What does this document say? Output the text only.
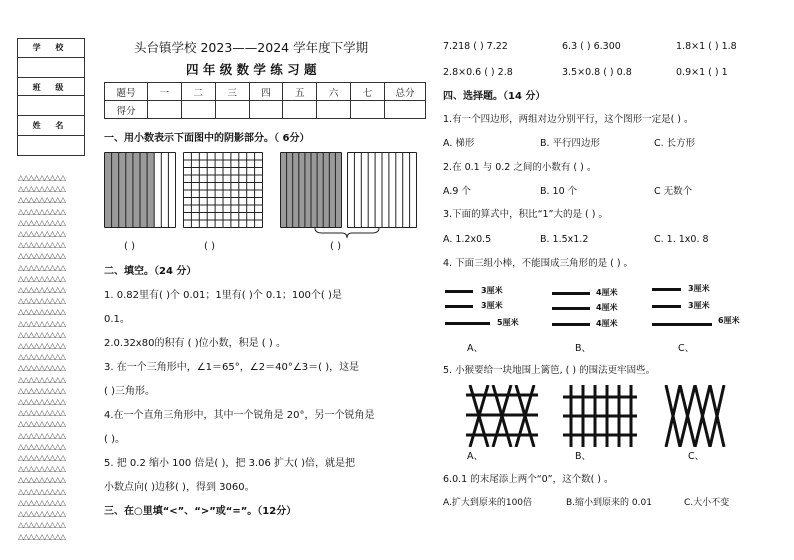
学 校
班 级
姓 名
△△△△△△△△△
△△△△△△△△△
△△△△△△△△△
△△△△△△△△△
△△△△△△△△△
△△△△△△△△△
△△△△△△△△△
△△△△△△△△△
△△△△△△△△△
△△△△△△△△△
△△△△△△△△△
△△△△△△△△△
△△△△△△△△△
△△△△△△△△△
△△△△△△△△△
△△△△△△△△△
△△△△△△△△△
△△△△△△△△△
△△△△△△△△△
△△△△△△△△△
△△△△△△△△△
△△△△△△△△△
△△△△△△△△△
△△△△△△△△△
△△△△△△△△△
△△△△△△△△△
△△△△△△△△△
△△△△△△△△△
△△△△△△△△△
△△△△△△△△△
△△△△△△△△△
△△△△△△△△△
△△△△△△△△△
头台镇学校 2023——2024 学年度下学期
四 年 级 数 学 练 习 题
题号	一	二	三	四	五	六	七	总分
得分								
一、用小数表示下面图中的阴影部分。（ 6分）
( )	( )	( )
二、填空。（24 分）
1. 0.82里有( )个 0.01；1里有( )个 0.1；100个( )是
0.1。
2.0.32x80的积有 ( )位小数，积是 ( ) 。
3. 在一个三角形中，∠1＝65°，∠2＝40°∠3＝( )，这是
( )三角形。
4.在一个直角三角形中，其中一个锐角是 20°，另一个锐角是
( )。
5. 把 0.2 缩小 100 倍是( )，把 3.06 扩大( )倍，就是把
小数点向( )边移( )，得到 3060。
三、在○里填“<”、“>”或“=”。（12分）
7.218 ( ) 7.22	6.3 ( ) 6.300	1.8×1 ( ) 1.8
2.8×0.6 ( ) 2.8	3.5×0.8 ( ) 0.8	0.9×1 ( ) 1
四、选择题。（14 分）
1.有一个四边形，两组对边分别平行，这个图形一定是( ) 。
A. 梯形	B. 平行四边形	C. 长方形
2.在 0.1 与 0.2 之间的小数有 ( ) 。
A.9 个	B. 10 个	C 无数个
3.下面的算式中，积比“1”大的是 ( ) 。
A. 1.2x0.5	B. 1.5x1.2	C. 1. 1x0. 8
4. 下面三组小棒，不能围成三角形的是 ( ) 。
3厘米
3厘米
5厘米
4厘米
4厘米
4厘米
3厘米
3厘米
6厘米
A、	B、	C、
5. 小猴要给一块地围上篱笆, ( ) 的围法更牢固些。
A、	B、	C、
6.0.1 的末尾添上两个“0”，这个数( ) 。
A.扩大到原来的100倍	B.缩小到原来的 0.01	C.大小不变
